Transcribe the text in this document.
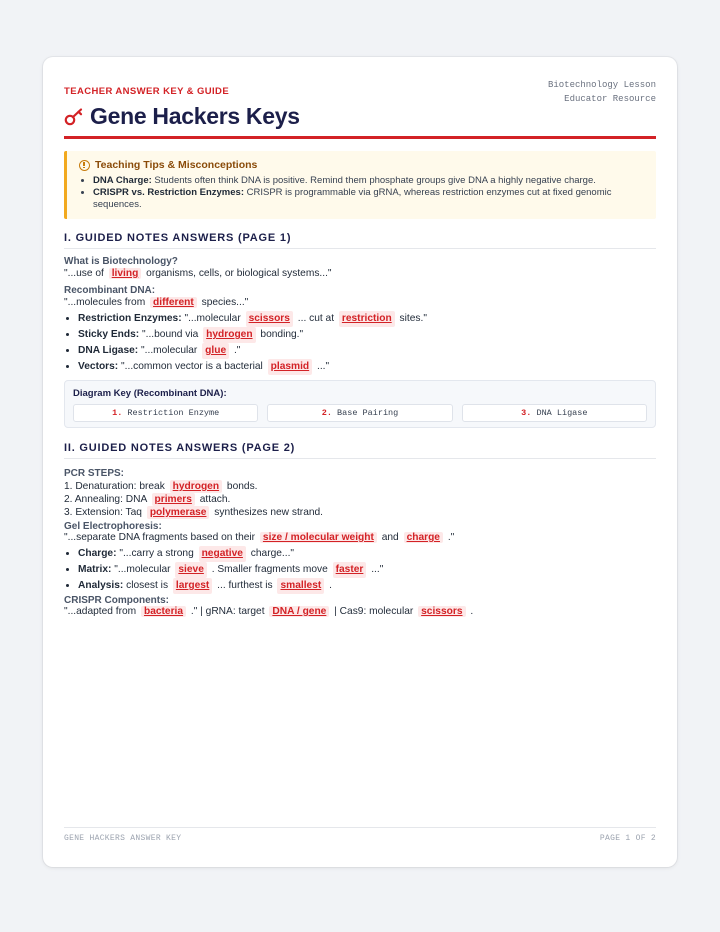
TEACHER ANSWER KEY & GUIDE
Biotechnology Lesson
Educator Resource
Gene Hackers Keys
Teaching Tips & Misconceptions
• DNA Charge: Students often think DNA is positive. Remind them phosphate groups give DNA a highly negative charge.
• CRISPR vs. Restriction Enzymes: CRISPR is programmable via gRNA, whereas restriction enzymes cut at fixed genomic sequences.
I. GUIDED NOTES ANSWERS (PAGE 1)
What is Biotechnology?
"...use of living organisms, cells, or biological systems..."
Recombinant DNA:
"...molecules from different species..."
• Restriction Enzymes: "...molecular scissors ... cut at restriction sites."
• Sticky Ends: "...bound via hydrogen bonding."
• DNA Ligase: "...molecular glue ."
• Vectors: "...common vector is a bacterial plasmid ..."
Diagram Key (Recombinant DNA):
1. Restriction Enzyme	2. Base Pairing	3. DNA Ligase
II. GUIDED NOTES ANSWERS (PAGE 2)
PCR STEPS:
1. Denaturation: break hydrogen bonds.
2. Annealing: DNA primers attach.
3. Extension: Taq polymerase synthesizes new strand.
Gel Electrophoresis:
"...separate DNA fragments based on their size / molecular weight and charge ."
• Charge: "...carry a strong negative charge..."
• Matrix: "...molecular sieve . Smaller fragments move faster ..."
• Analysis: closest is largest ... furthest is smallest .
CRISPR Components:
"...adapted from bacteria ." | gRNA: target DNA / gene | Cas9: molecular scissors .
GENE HACKERS ANSWER KEY	PAGE 1 OF 2
